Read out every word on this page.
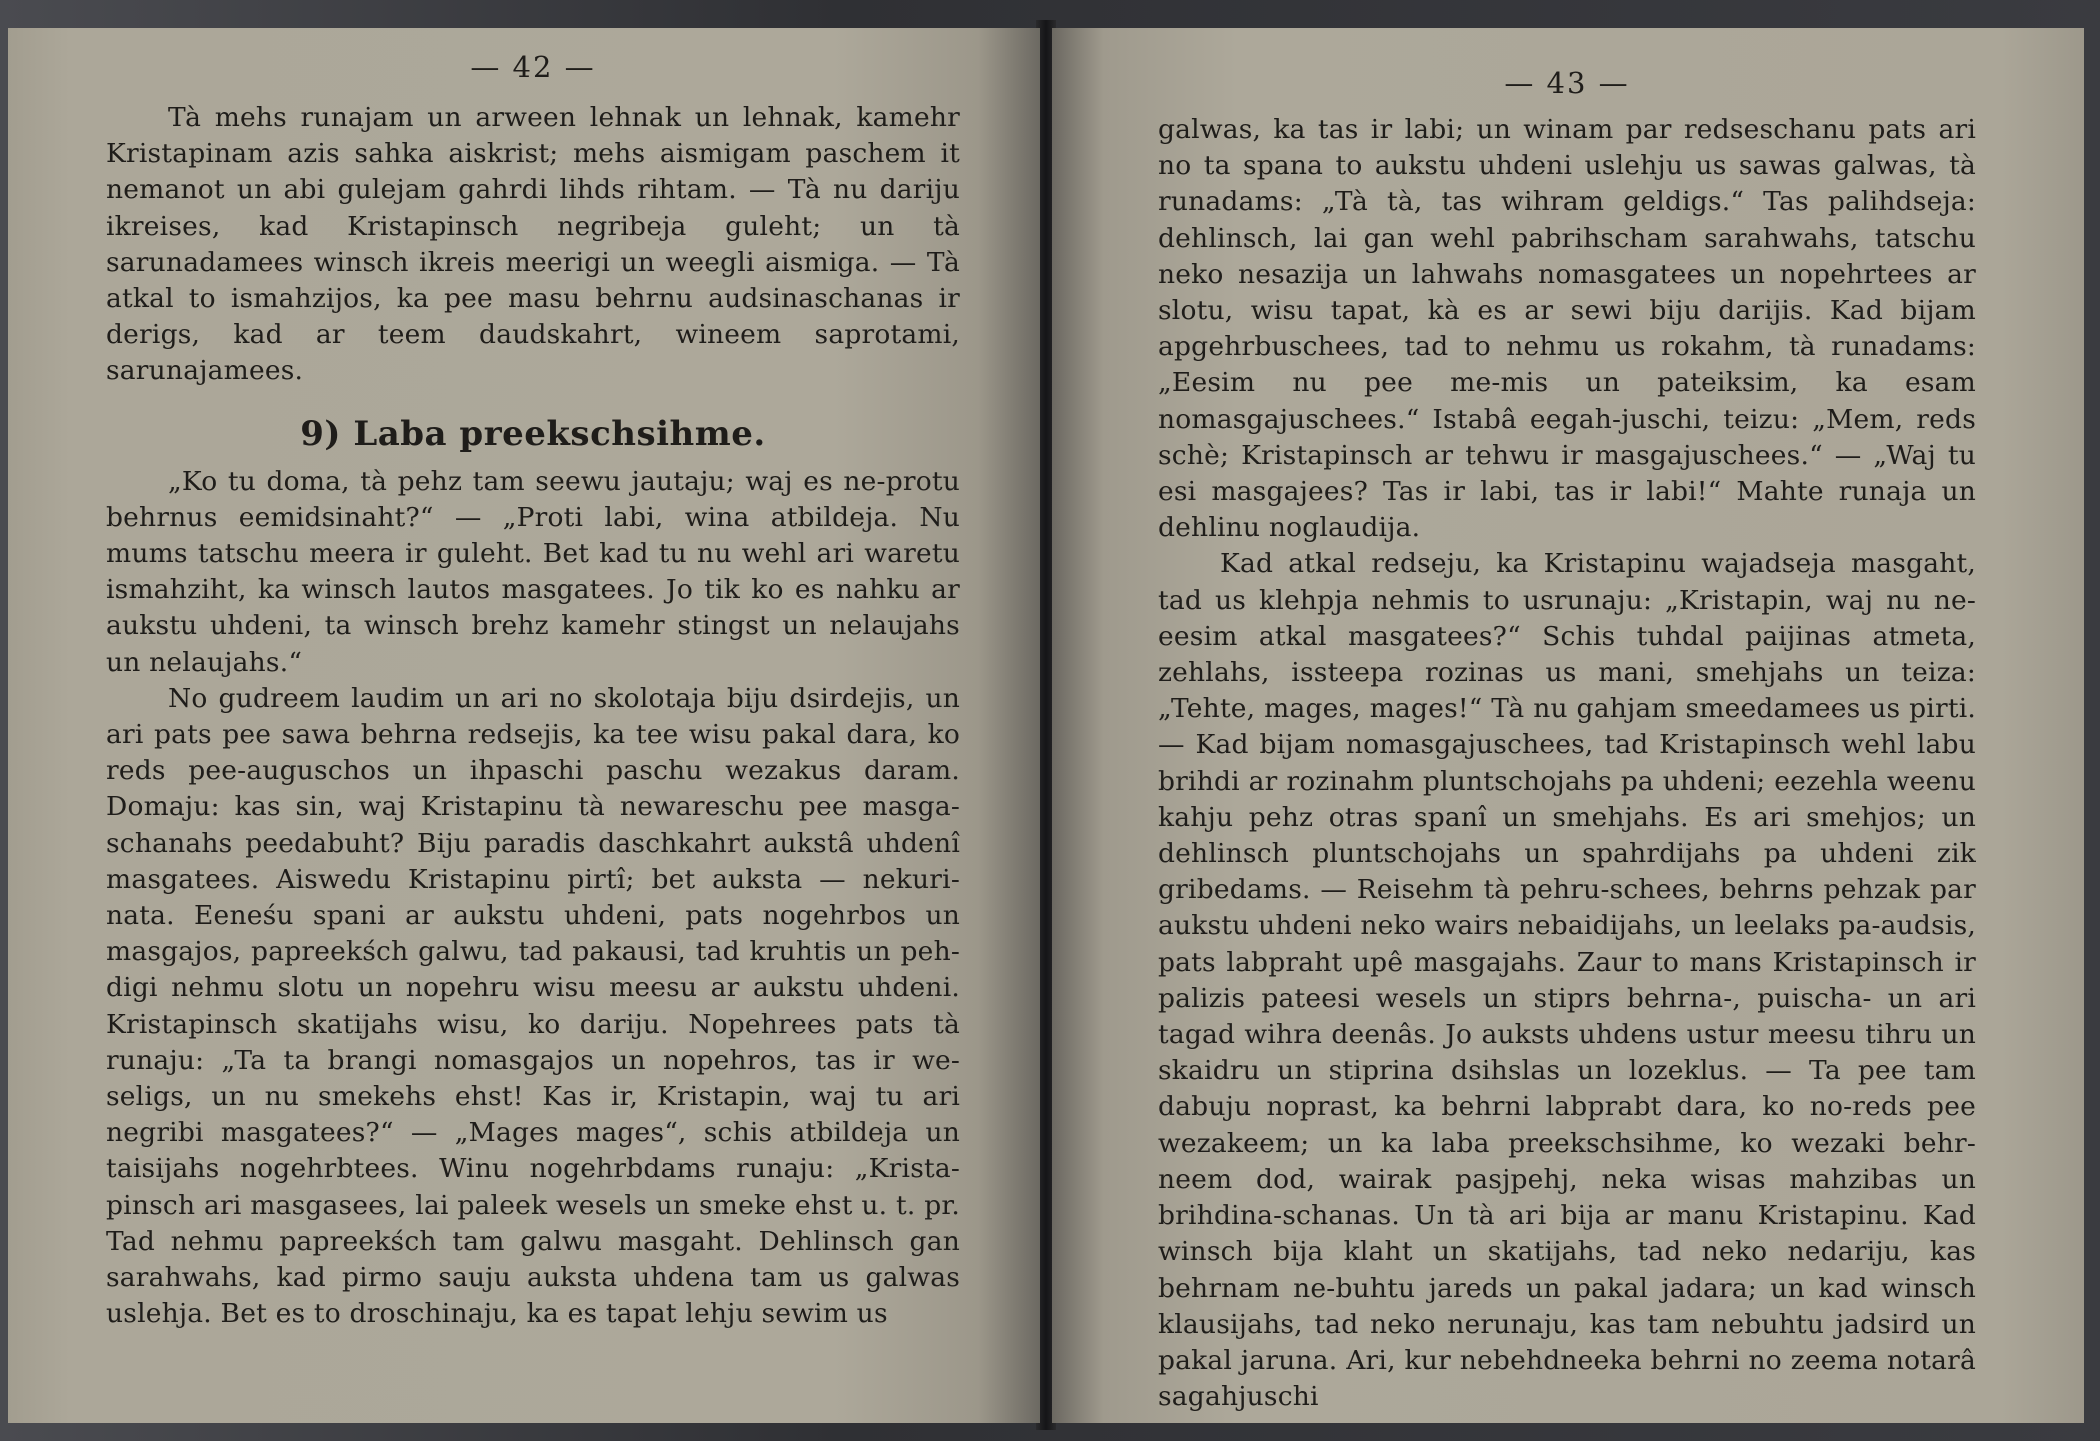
— 42 —

Tà mehs runajam un arween lehnak un lehnak, kamehr Kristapinam azis sahka aiskrist; mehs aismigam paschem it nemanot un abi gulejam gahrdi lihds rihtam. — Tà nu dariju ikreises, kad Kristapinsch negribeja guleht; un tà sarunadamees winsch ikreis meerigi un weegli aismiga. — Tà atkal to ismahzijos, ka pee masu behrnu audsinaschanas ir derigs, kad ar teem daudskahrt, wineem saprotami, sarunajamees.

9) Laba preekschsihme.

„Ko tu doma, tà pehz tam seewu jautaju; waj es ne-protu behrnus eemidsinaht?“ — „Proti labi, wina atbildeja. Nu mums tatschu meera ir guleht. Bet kad tu nu wehl ari waretu ismahziht, ka winsch lautos masgatees. Jo tik ko es nahku ar aukstu uhdeni, ta winsch brehz kamehr stingst un nelaujahs un nelaujahs.“

No gudreem laudim un ari no skolotaja biju dsirdejis, un ari pats pee sawa behrna redsejis, ka tee wisu pakal dara, ko reds pee-auguschos un ihpaschi paschu wezakus daram. Domaju: kas sin, waj Kristapinu tà newareschu pee masga-schanahs peedabuht? Biju paradis daschkahrt aukstâ uhdenî masgatees. Aiswedu Kristapinu pirtî; bet auksta — nekuri-nata. Eeneśu spani ar aukstu uhdeni, pats nogehrbos un masgajos, papreekśch galwu, tad pakausi, tad kruhtis un peh-digi nehmu slotu un nopehru wisu meesu ar aukstu uhdeni. Kristapinsch skatijahs wisu, ko dariju. Nopehrees pats tà runaju: „Ta ta brangi nomasgajos un nopehros, tas ir we-seligs, un nu smekehs ehst! Kas ir, Kristapin, waj tu ari negribi masgatees?“ — „Mages mages“, schis atbildeja un taisijahs nogehrbtees. Winu nogehrbdams runaju: „Krista-pinsch ari masgasees, lai paleek wesels un smeke ehst u. t. pr. Tad nehmu papreekśch tam galwu masgaht. Dehlinsch gan sarahwahs, kad pirmo sauju auksta uhdena tam us galwas uslehja. Bet es to droschinaju, ka es tapat lehju sewim us

— 43 —

galwas, ka tas ir labi; un winam par redseschanu pats ari no ta spana to aukstu uhdeni uslehju us sawas galwas, tà runadams: „Tà tà, tas wihram geldigs.“ Tas palihdseja: dehlinsch, lai gan wehl pabrihscham sarahwahs, tatschu neko nesazija un lahwahs nomasgatees un nopehrtees ar slotu, wisu tapat, kà es ar sewi biju darijis. Kad bijam apgehrbuschees, tad to nehmu us rokahm, tà runadams: „Eesim nu pee me-mis un pateiksim, ka esam nomasgajuschees.“ Istabâ eegah-juschi, teizu: „Mem, reds schè; Kristapinsch ar tehwu ir masgajuschees.“ — „Waj tu esi masgajees? Tas ir labi, tas ir labi!“ Mahte runaja un dehlinu noglaudija.

Kad atkal redseju, ka Kristapinu wajadseja masgaht, tad us klehpja nehmis to usrunaju: „Kristapin, waj nu ne-eesim atkal masgatees?“ Schis tuhdal paijinas atmeta, zehlahs, issteepa rozinas us mani, smehjahs un teiza: „Tehte, mages, mages!“ Tà nu gahjam smeedamees us pirti. — Kad bijam nomasgajuschees, tad Kristapinsch wehl labu brihdi ar rozinahm pluntschojahs pa uhdeni; eezehla weenu kahju pehz otras spanî un smehjahs. Es ari smehjos; un dehlinsch pluntschojahs un spahrdijahs pa uhdeni zik gribedams. — Reisehm tà pehru-schees, behrns pehzak par aukstu uhdeni neko wairs nebaidijahs, un leelaks pa-audsis, pats labpraht upê masgajahs. Zaur to mans Kristapinsch ir palizis pateesi wesels un stiprs behrna-, puischa- un ari tagad wihra deenâs. Jo auksts uhdens ustur meesu tihru un skaidru un stiprina dsihslas un lozeklus. — Ta pee tam dabuju noprast, ka behrni labprabt dara, ko no-reds pee wezakeem; un ka laba preekschsihme, ko wezaki behr-neem dod, wairak pasjpehj, neka wisas mahzibas un brihdina-schanas. Un tà ari bija ar manu Kristapinu. Kad winsch bija klaht un skatijahs, tad neko nedariju, kas behrnam ne-buhtu jareds un pakal jadara; un kad winsch klausijahs, tad neko nerunaju, kas tam nebuhtu jadsird un pakal jaruna. Ari, kur nebehdneeka behrni no zeema notarâ sagahjuschi
